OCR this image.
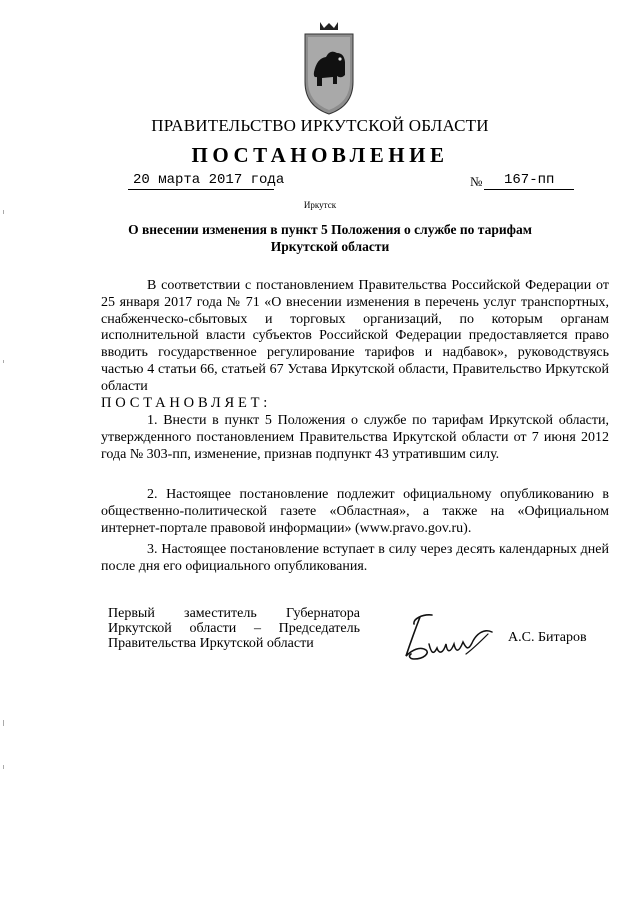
ПРАВИТЕЛЬСТВО ИРКУТСКОЙ ОБЛАСТИ
ПОСТАНОВЛЕНИЕ
20 марта 2017 года	№ 167-пп
Иркутск
О внесении изменения в пункт 5 Положения о службе по тарифам
Иркутской области

В соответствии с постановлением Правительства Российской Федерации от 25 января 2017 года № 71 «О внесении изменения в перечень услуг транспортных, снабженческо-сбытовых и торговых организаций, по которым органам исполнительной власти субъектов Российской Федерации предоставляется право вводить государственное регулирование тарифов и надбавок», руководствуясь частью 4 статьи 66, статьей 67 Устава Иркутской области, Правительство Иркутской области

ПОСТАНОВЛЯЕТ:

1. Внести в пункт 5 Положения о службе по тарифам Иркутской области, утвержденного постановлением Правительства Иркутской области от 7 июня 2012 года № 303-пп, изменение, признав подпункт 43 утратившим силу.

2. Настоящее постановление подлежит официальному опубликованию в общественно-политической газете «Областная», а также на «Официальном интернет-портале правовой информации» (www.pravo.gov.ru).

3. Настоящее постановление вступает в силу через десять календарных дней после дня его официального опубликования.

Первый заместитель Губернатора
Иркутской области – Председатель
Правительства Иркутской области	А.С. Битаров
